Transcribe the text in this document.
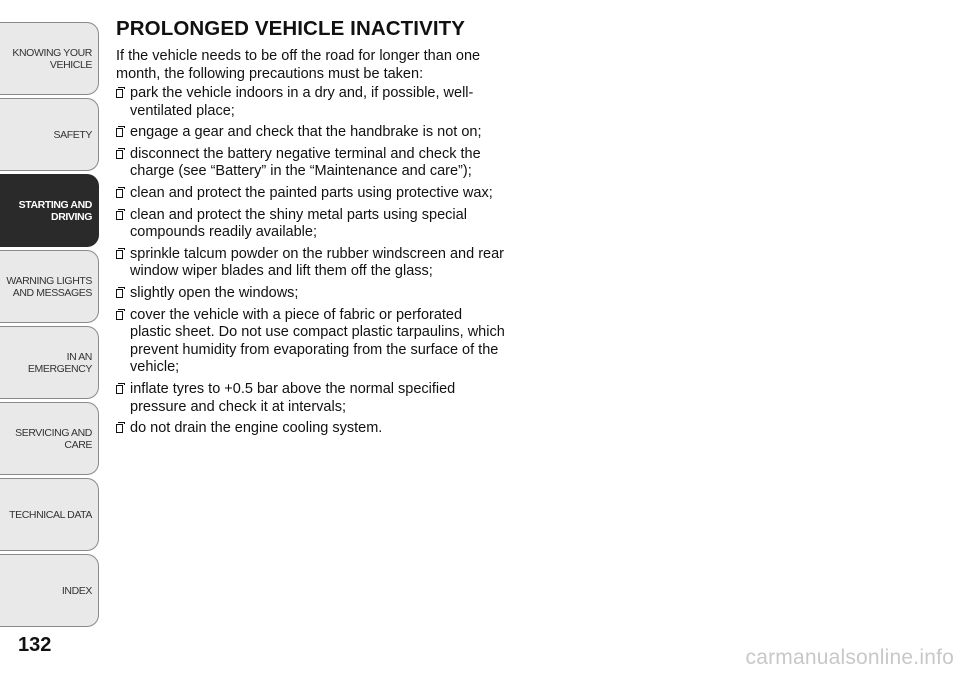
KNOWING YOUR
VEHICLE
SAFETY
STARTING AND
DRIVING
WARNING LIGHTS
AND MESSAGES
IN AN EMERGENCY
SERVICING AND
CARE
TECHNICAL DATA
INDEX
132
PROLONGED VEHICLE INACTIVITY

If the vehicle needs to be off the road for longer than one month, the following precautions must be taken:

park the vehicle indoors in a dry and, if possible, well-ventilated place;
engage a gear and check that the handbrake is not on;
disconnect the battery negative terminal and check the charge (see “Battery” in the “Maintenance and care”);
clean and protect the painted parts using protective wax;
clean and protect the shiny metal parts using special compounds readily available;
sprinkle talcum powder on the rubber windscreen and rear window wiper blades and lift them off the glass;
slightly open the windows;
cover the vehicle with a piece of fabric or perforated plastic sheet. Do not use compact plastic tarpaulins, which prevent humidity from evaporating from the surface of the vehicle;
inflate tyres to +0.5 bar above the normal specified pressure and check it at intervals;
do not drain the engine cooling system.
carmanualsonline.info
